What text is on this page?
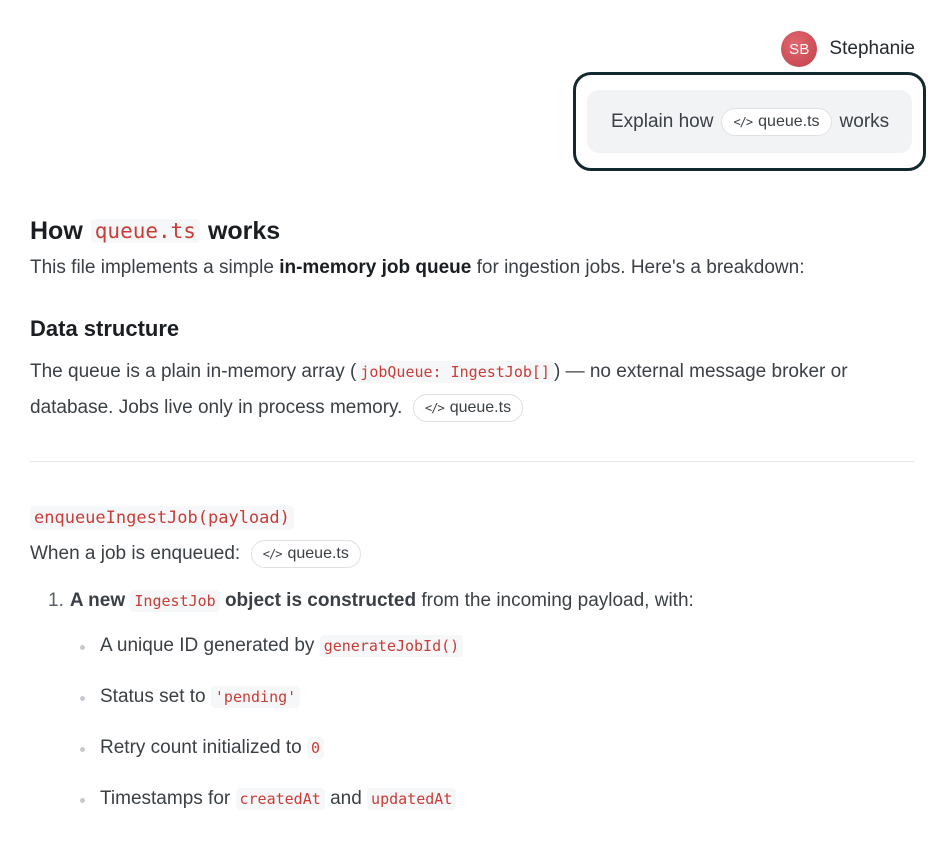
SB	Stephanie
Explain how </> queue.ts works
How queue.ts works

This file implements a simple in-memory job queue for ingestion jobs. Here's a breakdown:

Data structure

The queue is a plain in-memory array ( jobQueue: IngestJob[] ) — no external message broker or database. Jobs live only in process memory. </> queue.ts

enqueueIngestJob(payload)

When a job is enqueued: </> queue.ts

1. A new IngestJob object is constructed from the incoming payload, with:
A unique ID generated by generateJobId()
Status set to 'pending'
Retry count initialized to 0
Timestamps for createdAt and updatedAt
